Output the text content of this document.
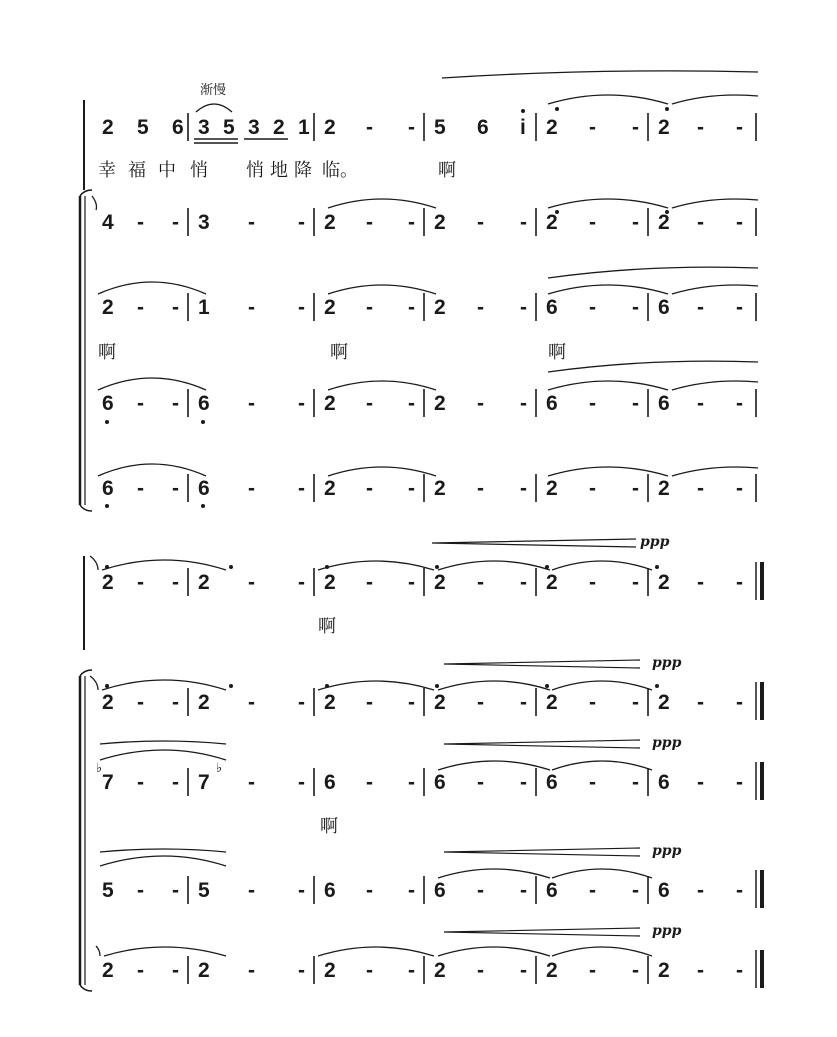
渐慢
ppp
ppp
ppp
ppp
ppp
♭	♭
2 5 6 3 5 3 2 1 2 - - 5 6 i 2 - - 2 - -
4 - - 3 - - 2 - - 2 - - 2 - - 2 - -
2 - - 1 - - 2 - - 2 - - 6 - - 6 - -
6 - - 6 - - 2 - - 2 - - 6 - - 6 - -
6 - - 6 - - 2 - - 2 - - 2 - - 2 - -
2 - - 2 - - 2 - - 2 - - 2 - - 2 - -
2 - - 2 - - 2 - - 2 - - 2 - - 2 - -
7 - - 7 - - 6 - - 6 - - 6 - - 6 - -
5 - - 5 - - 6 - - 6 - - 6 - - 6 - -
2 - - 2 - - 2 - - 2 - - 2 - - 2 - -
幸 福 中 悄 悄 地 降 临。	啊
啊	啊	啊
啊
啊
